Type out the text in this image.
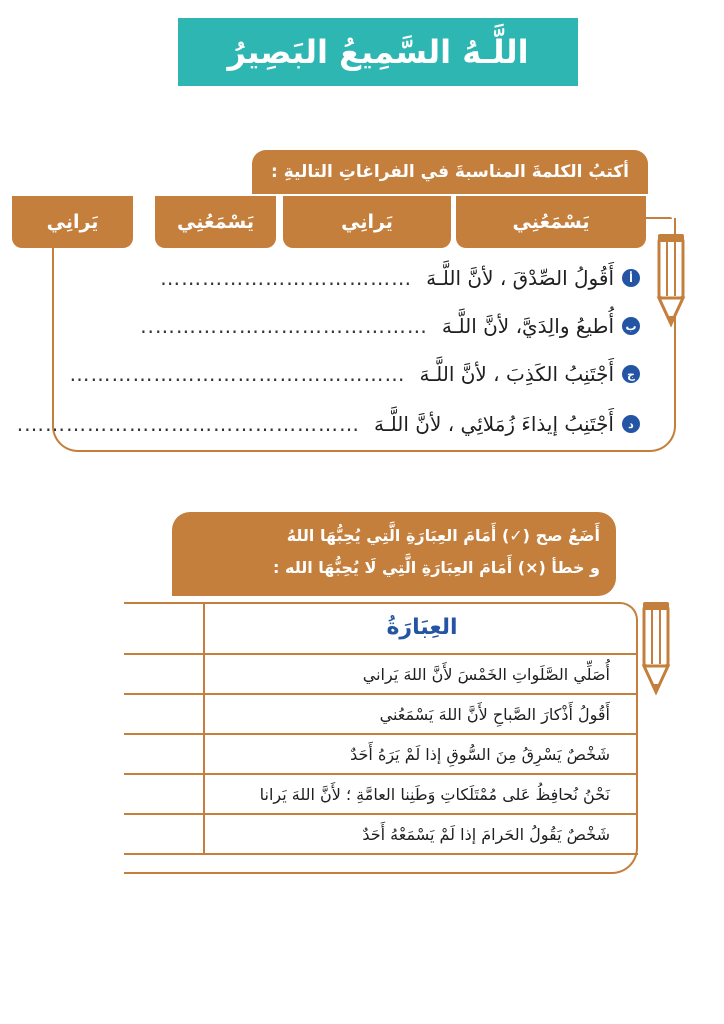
اللَّـهُ السَّمِيعُ البَصِيرُ
أكتبُ الكلمةَ المناسبةَ في الفراغاتِ التاليةِ :
يَسْمَعُنِي
يَرانِي
يَسْمَعُنِي
يَرانِي
أ
أَقُولُ الصِّدْقَ ، لأنَّ اللَّـهَ
………………………………
ب
أُطيعُ والِدَيَّ، لأنَّ اللَّـهَ
…………………………………..
ج
أَجْتَنِبُ الكَذِبَ ، لأنَّ اللَّـهَ
…………………………………………
د
أَجْتَنِبُ إيذاءَ زُمَلائِي ، لأنَّ اللَّـهَ
………………………………………….
أَضَعُ صح (✓) أَمَامَ العِبَارَةِ الَّتِي يُحِبُّهَا اللهُ
و خطأ (×) أَمَامَ العِبَارَةِ الَّتِي لَا يُحِبُّهَا الله :
	العِبَارَةُ
	أُصَلِّي الصَّلَواتِ الخَمْسَ لأَنَّ اللهَ يَراني
	أَقُولُ أَذْكارَ الصَّباحِ لأَنَّ اللهَ يَسْمَعُني
	شَخْصٌ يَسْرِقُ مِنَ السُّوقِ إذا لَمْ يَرَهُ أَحَدٌ
	نَحْنُ نُحافِظُ عَلى مُمْتَلَكاتِ وَطَنِنا العامَّةِ ؛ لأَنَّ اللهَ يَرانا
	شَخْصٌ يَقُولُ الحَرامَ إذا لَمْ يَسْمَعْهُ أَحَدٌ
